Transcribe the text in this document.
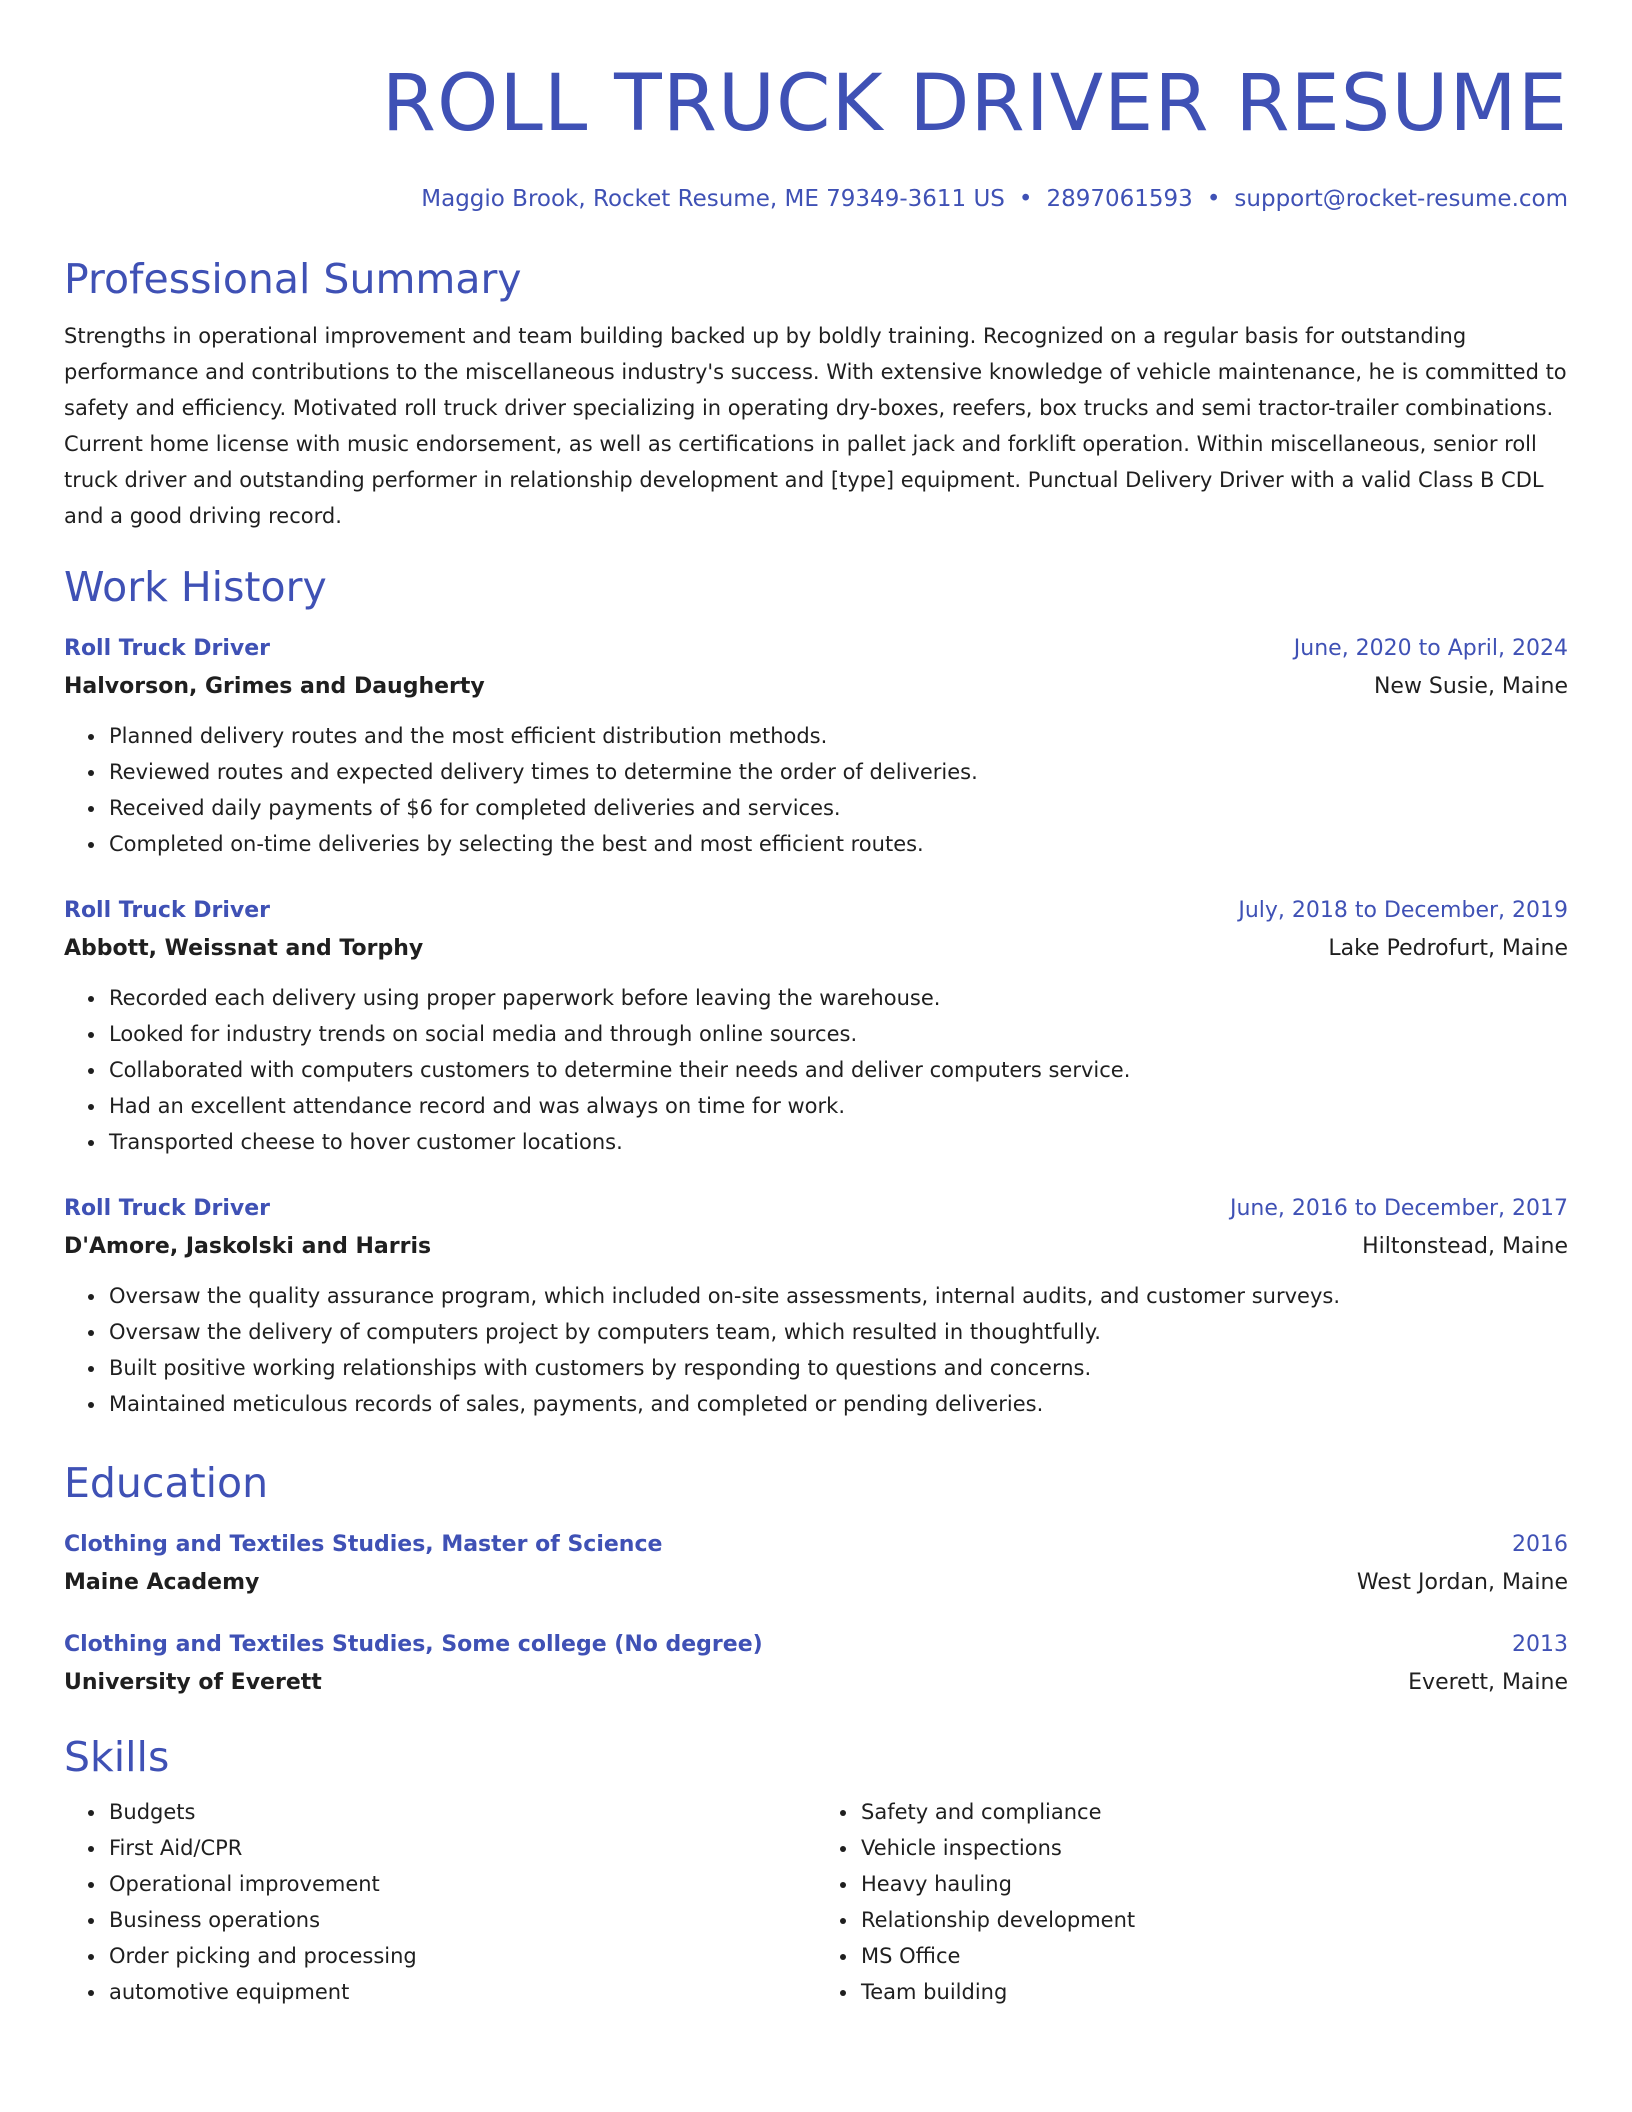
ROLL TRUCK DRIVER RESUME
Maggio Brook, Rocket Resume, ME 79349-3611 US • 2897061593 • support@rocket-resume.com
Professional Summary

Strengths in operational improvement and team building backed up by boldly training. Recognized on a regular basis for outstanding performance and contributions to the miscellaneous industry's success. With extensive knowledge of vehicle maintenance, he is committed to safety and efficiency. Motivated roll truck driver specializing in operating dry-boxes, reefers, box trucks and semi tractor-trailer combinations. Current home license with music endorsement, as well as certifications in pallet jack and forklift operation. Within miscellaneous, senior roll truck driver and outstanding performer in relationship development and [type] equipment. Punctual Delivery Driver with a valid Class B CDL and a good driving record.

Work History
Roll Truck Driver	June, 2020 to April, 2024
Halvorson, Grimes and Daugherty	New Susie, Maine
• Planned delivery routes and the most efficient distribution methods.
• Reviewed routes and expected delivery times to determine the order of deliveries.
• Received daily payments of $6 for completed deliveries and services.
• Completed on-time deliveries by selecting the best and most efficient routes.
Roll Truck Driver	July, 2018 to December, 2019
Abbott, Weissnat and Torphy	Lake Pedrofurt, Maine
• Recorded each delivery using proper paperwork before leaving the warehouse.
• Looked for industry trends on social media and through online sources.
• Collaborated with computers customers to determine their needs and deliver computers service.
• Had an excellent attendance record and was always on time for work.
• Transported cheese to hover customer locations.
Roll Truck Driver	June, 2016 to December, 2017
D'Amore, Jaskolski and Harris	Hiltonstead, Maine
• Oversaw the quality assurance program, which included on-site assessments, internal audits, and customer surveys.
• Oversaw the delivery of computers project by computers team, which resulted in thoughtfully.
• Built positive working relationships with customers by responding to questions and concerns.
• Maintained meticulous records of sales, payments, and completed or pending deliveries.
Education
Clothing and Textiles Studies, Master of Science	2016
Maine Academy	West Jordan, Maine
Clothing and Textiles Studies, Some college (No degree)	2013
University of Everett	Everett, Maine
Skills
• Budgets
• First Aid/CPR
• Operational improvement
• Business operations
• Order picking and processing
• automotive equipment
• Safety and compliance
• Vehicle inspections
• Heavy hauling
• Relationship development
• MS Office
• Team building
